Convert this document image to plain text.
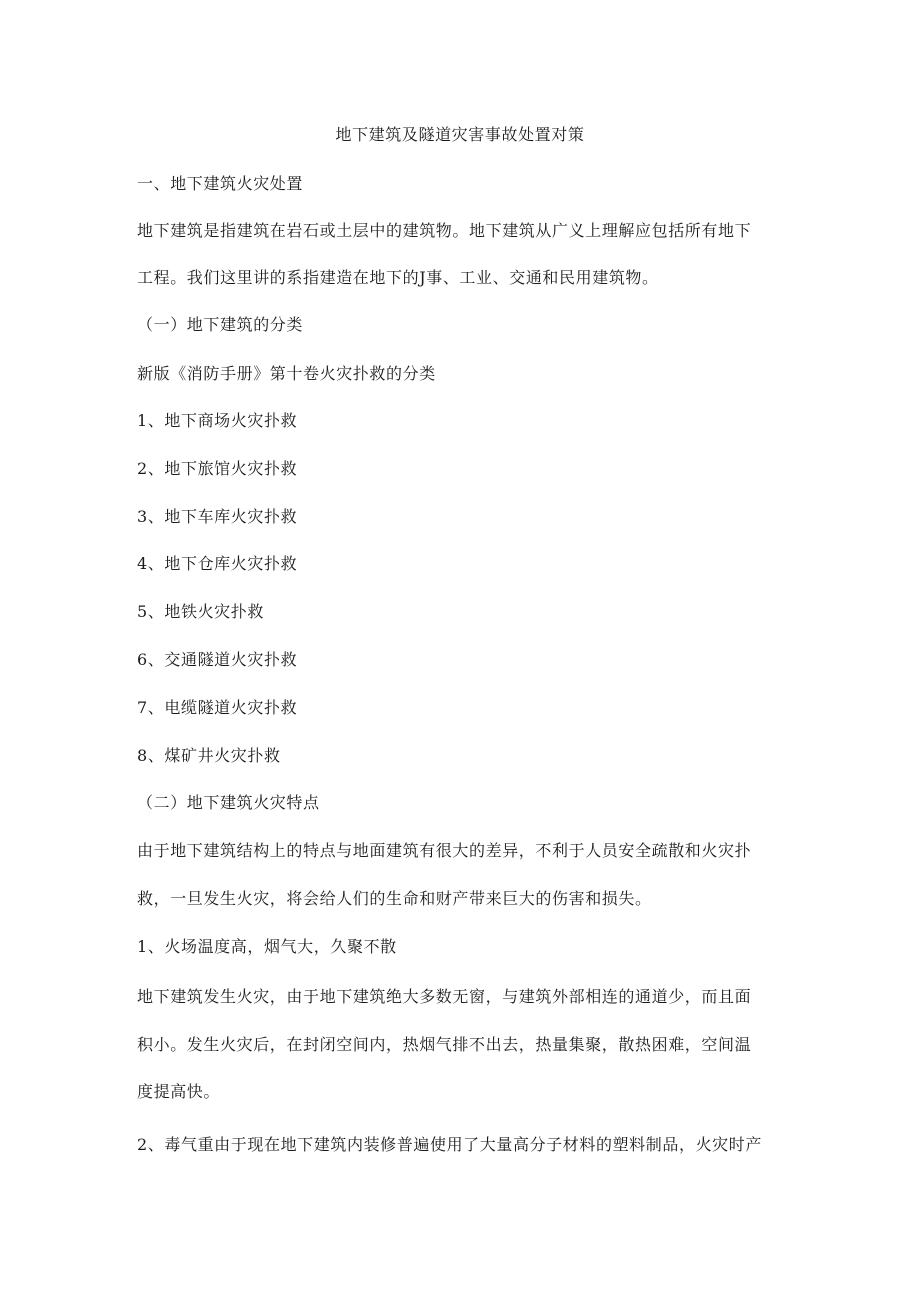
地下建筑及隧道灾害事故处置对策
一、地下建筑火灾处置
地下建筑是指建筑在岩石或土层中的建筑物。地下建筑从广义上理解应包括所有地下
工程。我们这里讲的系指建造在地下的J事、工业、交通和民用建筑物。
（一）地下建筑的分类
新版《消防手册》第十卷火灾扑救的分类
1、地下商场火灾扑救
2、地下旅馆火灾扑救
3、地下车库火灾扑救
4、地下仓库火灾扑救
5、地铁火灾扑救
6、交通隧道火灾扑救
7、电缆隧道火灾扑救
8、煤矿井火灾扑救
（二）地下建筑火灾特点
由于地下建筑结构上的特点与地面建筑有很大的差异，不利于人员安全疏散和火灾扑
救，一旦发生火灾，将会给人们的生命和财产带来巨大的伤害和损失。
1、火场温度高，烟气大，久聚不散
地下建筑发生火灾，由于地下建筑绝大多数无窗，与建筑外部相连的通道少，而且面
积小。发生火灾后，在封闭空间内，热烟气排不出去，热量集聚，散热困难，空间温
度提高快。
2、毒气重由于现在地下建筑内装修普遍使用了大量高分子材料的塑料制品，火灾时产
